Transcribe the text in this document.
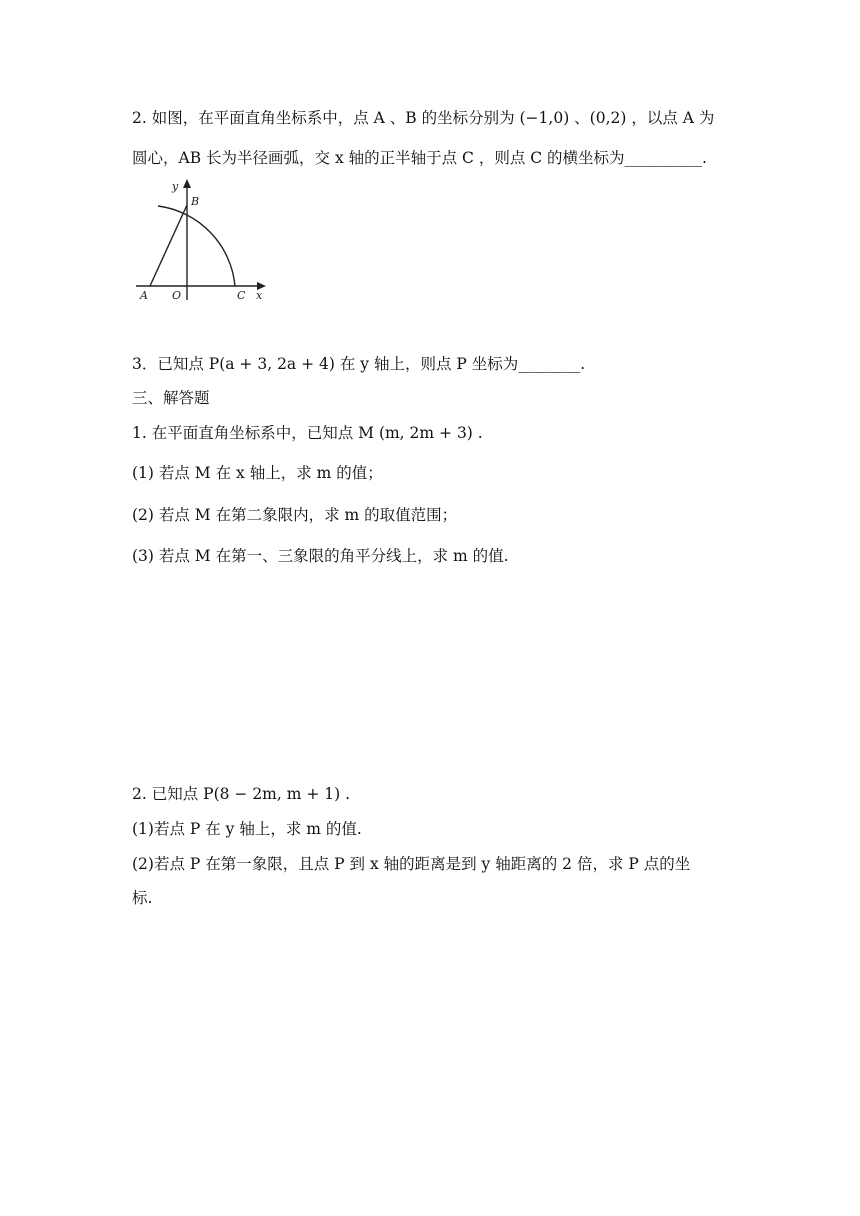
2. 如图，在平面直角坐标系中，点 A 、B 的坐标分别为 (−1,0) 、(0,2) ，以点 A 为
圆心，AB 长为半径画弧，交 x 轴的正半轴于点 C ，则点 C 的横坐标为__________.
y
B
A O	C x
3．已知点 P(a + 3, 2a + 4) 在 y 轴上，则点 P 坐标为________.
三、解答题
1. 在平面直角坐标系中，已知点 M (m, 2m + 3) .
(1) 若点 M 在 x 轴上，求 m 的值；
(2) 若点 M 在第二象限内，求 m 的取值范围；
(3) 若点 M 在第一、三象限的角平分线上，求 m 的值.
2. 已知点 P(8 − 2m, m + 1) .
(1)若点 P 在 y 轴上，求 m 的值.
(2)若点 P 在第一象限，且点 P 到 x 轴的距离是到 y 轴距离的 2 倍，求 P 点的坐
标.
